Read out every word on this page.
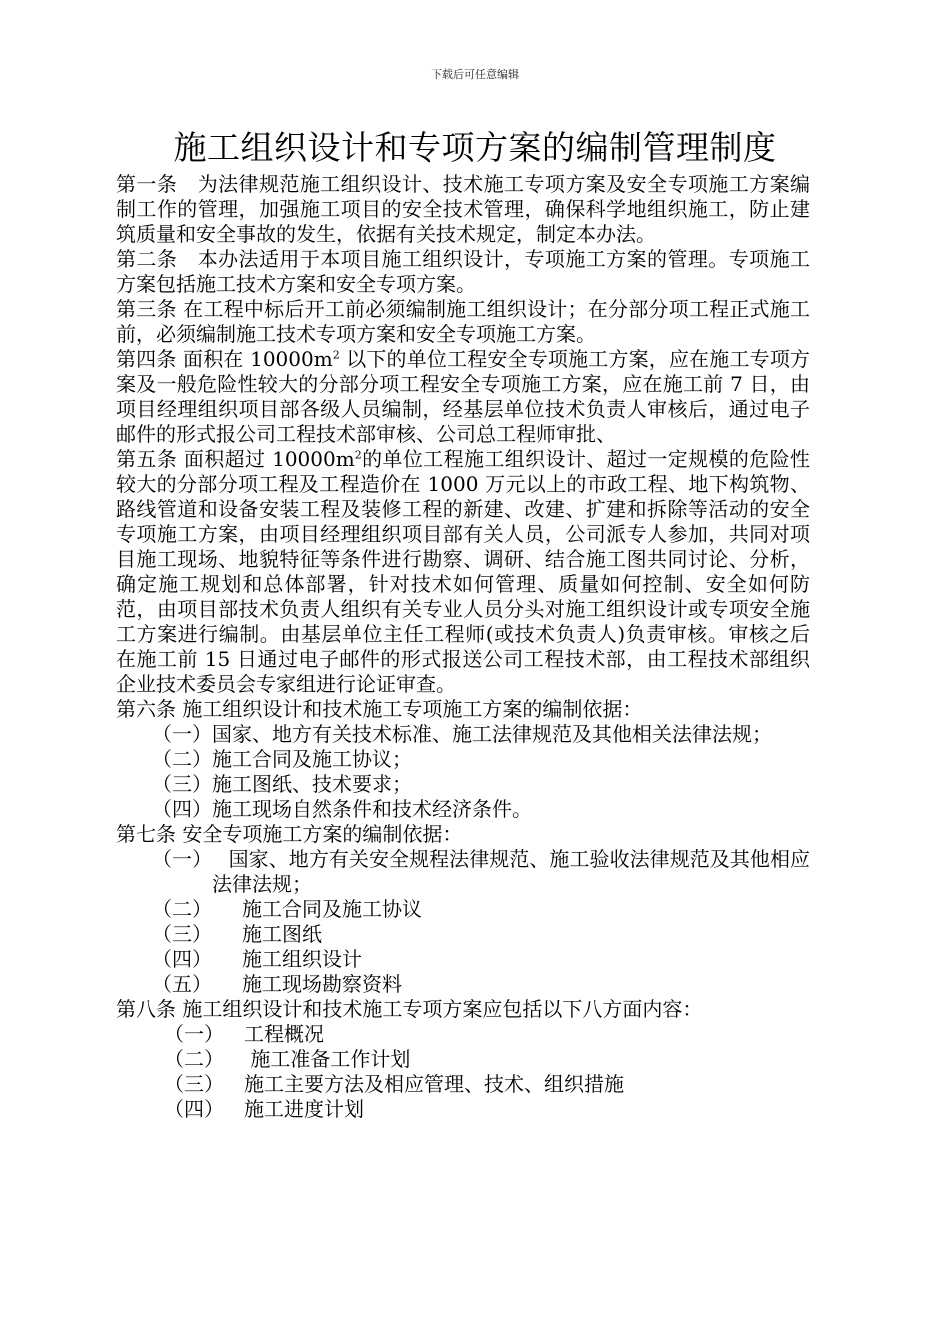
下载后可任意编辑
施工组织设计和专项方案的编制管理制度

第一条　为法律规范施工组织设计、技术施工专项方案及安全专项施工方案编制工作的管理，加强施工项目的安全技术管理，确保科学地组织施工，防止建筑质量和安全事故的发生，依据有关技术规定，制定本办法。

第二条　本办法适用于本项目施工组织设计，专项施工方案的管理。专项施工方案包括施工技术方案和安全专项方案。

第三条 在工程中标后开工前必须编制施工组织设计；在分部分项工程正式施工前，必须编制施工技术专项方案和安全专项施工方案。

第四条 面积在 $10000m^2$ 以下的单位工程安全专项施工方案，应在施工专项方案及一般危险性较大的分部分项工程安全专项施工方案，应在施工前 7 日，由项目经理组织项目部各级人员编制，经基层单位技术负责人审核后，通过电子邮件的形式报公司工程技术部审核、公司总工程师审批、

第五条 面积超过 $10000m^2$的单位工程施工组织设计、超过一定规模的危险性较大的分部分项工程及工程造价在 1000 万元以上的市政工程、地下构筑物、路线管道和设备安装工程及装修工程的新建、改建、扩建和拆除等活动的安全专项施工方案，由项目经理组织项目部有关人员，公司派专人参加，共同对项目施工现场、地貌特征等条件进行勘察、调研、结合施工图共同讨论、分析，确定施工规划和总体部署，针对技术如何管理、质量如何控制、安全如何防范，由项目部技术负责人组织有关专业人员分头对施工组织设计或专项安全施工方案进行编制。由基层单位主任工程师(或技术负责人)负责审核。审核之后在施工前 15 日通过电子邮件的形式报送公司工程技术部，由工程技术部组织企业技术委员会专家组进行论证审查。

第六条 施工组织设计和技术施工专项施工方案的编制依据：

（一）国家、地方有关技术标准、施工法律规范及其他相关法律法规；

（二）施工合同及施工协议；

（三）施工图纸、技术要求；

（四）施工现场自然条件和技术经济条件。

第七条 安全专项施工方案的编制依据：

（一）　 国家、地方有关安全规程法律规范、施工验收法律规范及其他相应　法律法规；

（二） 施工合同及施工协议

（三） 施工图纸

（四） 施工组织设计

（五） 施工现场勘察资料

第八条 施工组织设计和技术施工专项方案应包括以下八方面内容：

（一） 工程概况

（二） 施工准备工作计划

（三） 施工主要方法及相应管理、技术、组织措施

（四） 施工进度计划
